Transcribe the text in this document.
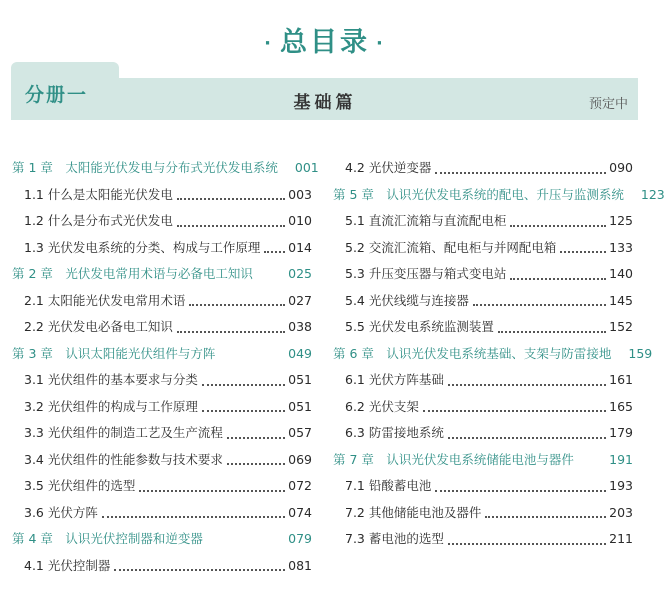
· 总目录 ·
分册一	基础篇	预定中
第 1 章　太阳能光伏发电与分布式光伏发电系统 001
1.1 什么是太阳能光伏发电	003
1.2 什么是分布式光伏发电	010
1.3 光伏发电系统的分类、构成与工作原理 014
第 2 章　光伏发电常用术语与必备电工知识	025
2.1 太阳能光伏发电常用术语	027
2.2 光伏发电必备电工知识	038
第 3 章　认识太阳能光伏组件与方阵	049
3.1 光伏组件的基本要求与分类	051
3.2 光伏组件的构成与工作原理	051
3.3 光伏组件的制造工艺及生产流程	057
3.4 光伏组件的性能参数与技术要求	069
3.5 光伏组件的选型	072
3.6 光伏方阵	074
第 4 章　认识光伏控制器和逆变器	079
4.1 光伏控制器	081
4.2 光伏逆变器	090
第 5 章　认识光伏发电系统的配电、升压与监测系统 123
5.1 直流汇流箱与直流配电柜	125
5.2 交流汇流箱、配电柜与并网配电箱	133
5.3 升压变压器与箱式变电站	140
5.4 光伏线缆与连接器	145
5.5 光伏发电系统监测装置	152
第 6 章　认识光伏发电系统基础、支架与防雷接地 159
6.1 光伏方阵基础	161
6.2 光伏支架	165
6.3 防雷接地系统	179
第 7 章　认识光伏发电系统储能电池与器件	191
7.1 铅酸蓄电池	193
7.2 其他储能电池及器件	203
7.3 蓄电池的选型	211
